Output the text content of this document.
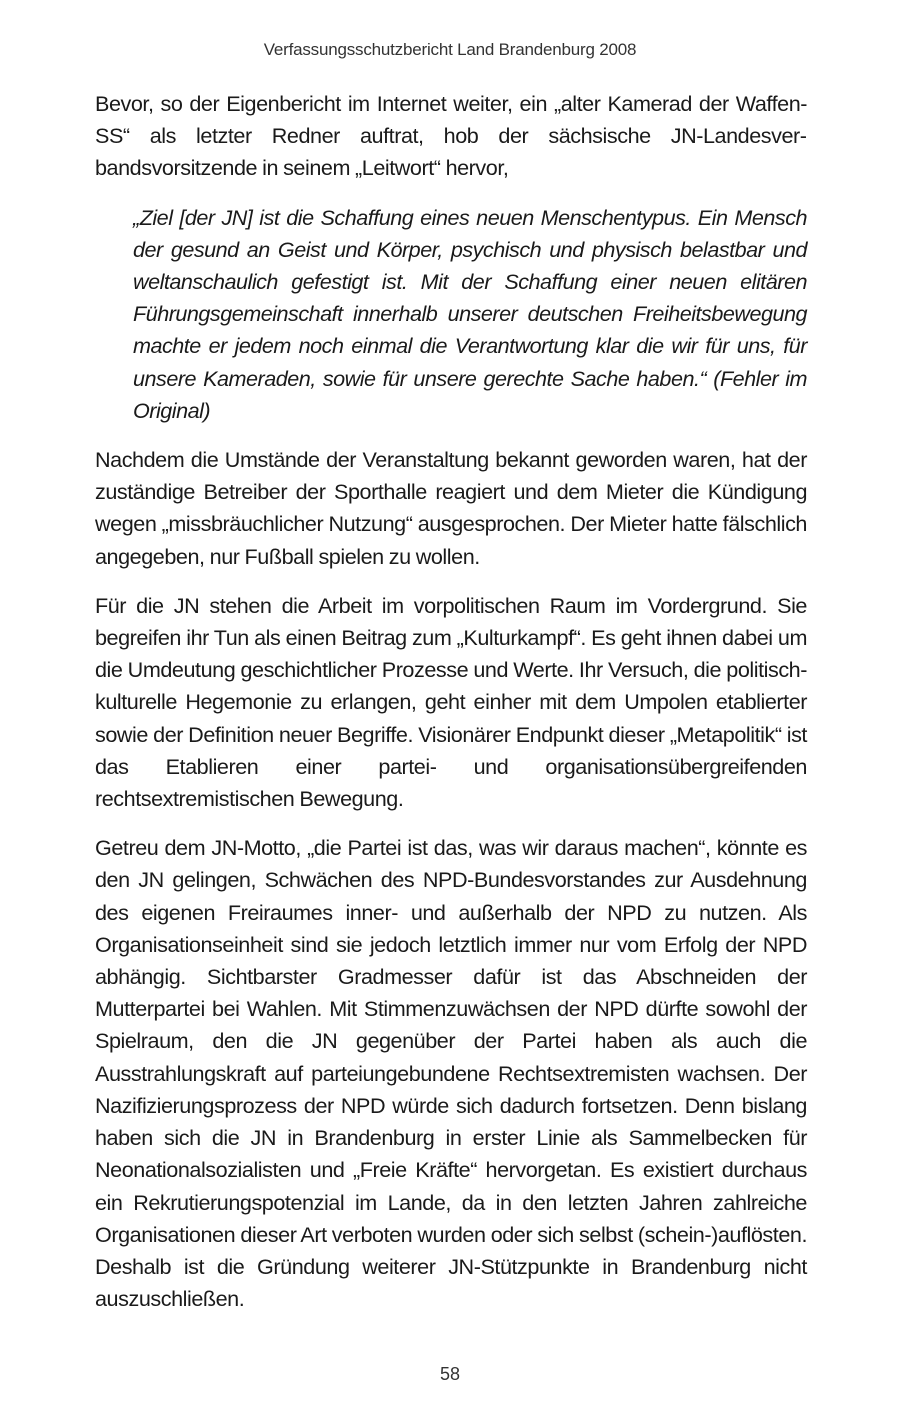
Verfassungsschutzbericht Land Brandenburg 2008

Bevor, so der Eigenbericht im Internet weiter, ein „alter Kamerad der Waffen-SS“ als letzter Redner auftrat, hob der sächsische JN-Landesverbandsvorsitzende in seinem „Leitwort“ hervor,

„Ziel [der JN] ist die Schaffung eines neuen Menschentypus. Ein Mensch der gesund an Geist und Körper, psychisch und physisch belastbar und weltanschaulich gefestigt ist. Mit der Schaffung einer neuen elitären Führungsgemeinschaft innerhalb unserer deutschen Freiheitsbewegung machte er jedem noch einmal die Verantwortung klar die wir für uns, für unsere Kameraden, sowie für unsere gerechte Sache haben.“ (Fehler im Original)

Nachdem die Umstände der Veranstaltung bekannt geworden waren, hat der zuständige Betreiber der Sporthalle reagiert und dem Mieter die Kündigung wegen „missbräuchlicher Nutzung“ ausgesprochen. Der Mieter hatte fälschlich angegeben, nur Fußball spielen zu wollen.

Für die JN stehen die Arbeit im vorpolitischen Raum im Vordergrund. Sie begreifen ihr Tun als einen Beitrag zum „Kulturkampf“. Es geht ihnen dabei um die Umdeutung geschichtlicher Prozesse und Werte. Ihr Versuch, die politisch-kulturelle Hegemonie zu erlangen, geht einher mit dem Umpolen etablierter sowie der Definition neuer Begriffe. Visionärer Endpunkt dieser „Metapolitik“ ist das Etablieren einer partei- und organisationsübergreifenden rechtsextremistischen Bewegung.

Getreu dem JN-Motto, „die Partei ist das, was wir daraus machen“, könnte es den JN gelingen, Schwächen des NPD-Bundesvorstandes zur Ausdehnung des eigenen Freiraumes inner- und außerhalb der NPD zu nutzen. Als Organisationseinheit sind sie jedoch letztlich immer nur vom Erfolg der NPD abhängig. Sichtbarster Gradmesser dafür ist das Abschneiden der Mutterpartei bei Wahlen. Mit Stimmenzuwächsen der NPD dürfte sowohl der Spielraum, den die JN gegenüber der Partei haben als auch die Ausstrahlungskraft auf parteiungebundene Rechtsextremisten wachsen. Der Nazifizierungsprozess der NPD würde sich dadurch fortsetzen. Denn bislang haben sich die JN in Brandenburg in erster Linie als Sammelbecken für Neonationalsozialisten und „Freie Kräfte“ hervorgetan. Es existiert durchaus ein Rekrutierungspotenzial im Lande, da in den letzten Jahren zahlreiche Organisationen dieser Art verboten wurden oder sich selbst (schein-)auflösten. Deshalb ist die Gründung weiterer JN-Stützpunkte in Brandenburg nicht auszuschließen.

58
